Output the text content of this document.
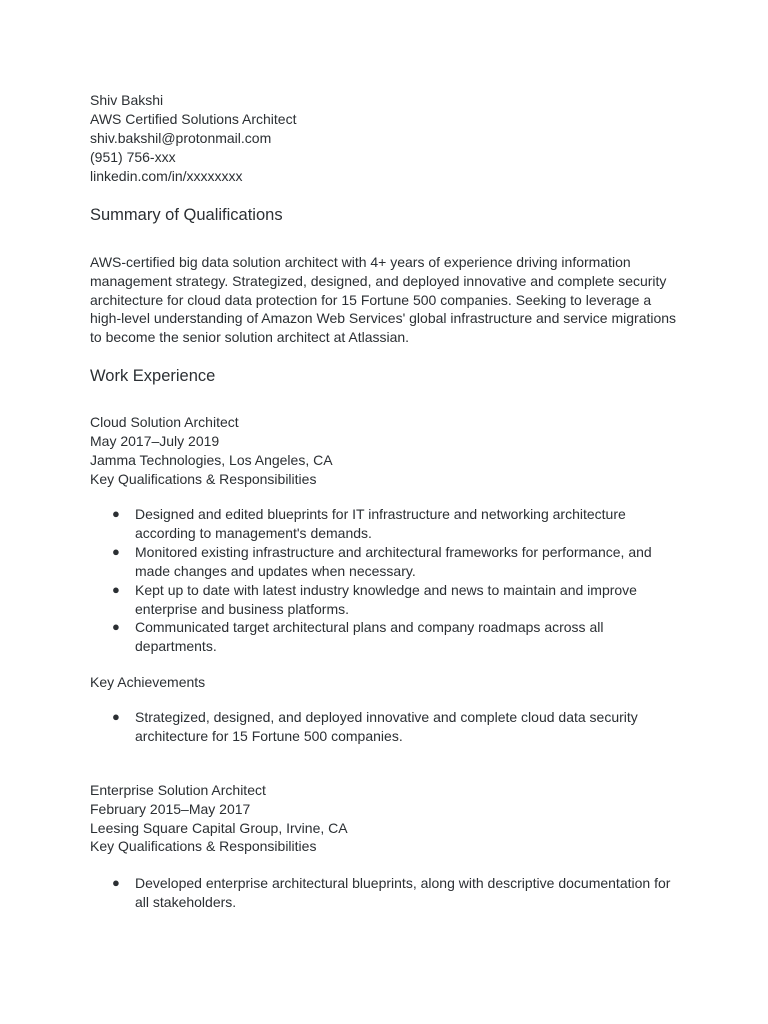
Shiv Bakshi
AWS Certified Solutions Architect
shiv.bakshil@protonmail.com
(951) 756-xxx
linkedin.com/in/xxxxxxxx
Summary of Qualifications
AWS-certified big data solution architect with 4+ years of experience driving information
management strategy. Strategized, designed, and deployed innovative and complete security
architecture for cloud data protection for 15 Fortune 500 companies. Seeking to leverage a
high-level understanding of Amazon Web Services' global infrastructure and service migrations
to become the senior solution architect at Atlassian.
Work Experience
Cloud Solution Architect
May 2017–July 2019
Jamma Technologies, Los Angeles, CA
Key Qualifications & Responsibilities
● Designed and edited blueprints for IT infrastructure and networking architecture
according to management's demands.
● Monitored existing infrastructure and architectural frameworks for performance, and
made changes and updates when necessary.
● Kept up to date with latest industry knowledge and news to maintain and improve
enterprise and business platforms.
● Communicated target architectural plans and company roadmaps across all
departments.
Key Achievements
● Strategized, designed, and deployed innovative and complete cloud data security
architecture for 15 Fortune 500 companies.
Enterprise Solution Architect
February 2015–May 2017
Leesing Square Capital Group, Irvine, CA
Key Qualifications & Responsibilities
● Developed enterprise architectural blueprints, along with descriptive documentation for
all stakeholders.
